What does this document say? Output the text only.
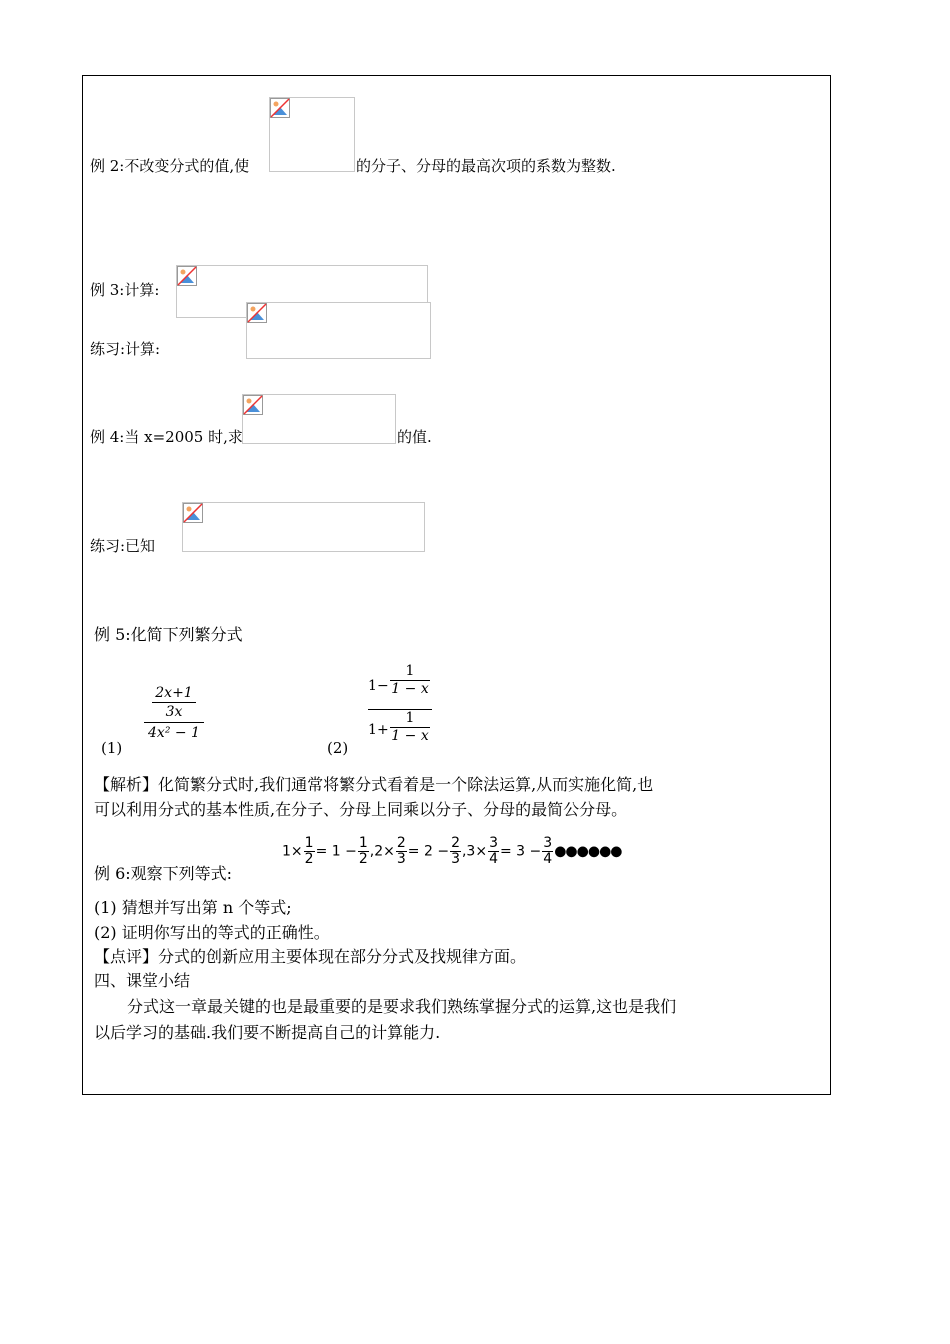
例 2:不改变分式的值,使	的分子、分母的最高次项的系数为整数.
例 3:计算:
练习:计算:
例 4:当 x=2005 时,求	的值.
练习:已知
例 5:化简下列繁分式
(1)
2x+1
3x
4x² − 1
(2)
1 −
1
1 − x
1 +
1
1 − x
【解析】化简繁分式时,我们通常将繁分式看着是一个除法运算,从而实施化简,也
可以利用分式的基本性质,在分子、分母上同乘以分子、分母的最简公分母。
例 6:观察下列等式:
$1\times \frac{1}{2} = 1 - \frac{1}{2} ,2\times \frac{2}{3} = 2 - \frac{2}{3} ,3\times \frac{3}{4} = 3 - \frac{3}{4}$ ●●●●●●
(1) 猜想并写出第 n 个等式;
(2) 证明你写出的等式的正确性。
【点评】分式的创新应用主要体现在部分分式及找规律方面。
四、课堂小结
分式这一章最关键的也是最重要的是要求我们熟练掌握分式的运算,这也是我们
以后学习的基础.我们要不断提高自己的计算能力.
